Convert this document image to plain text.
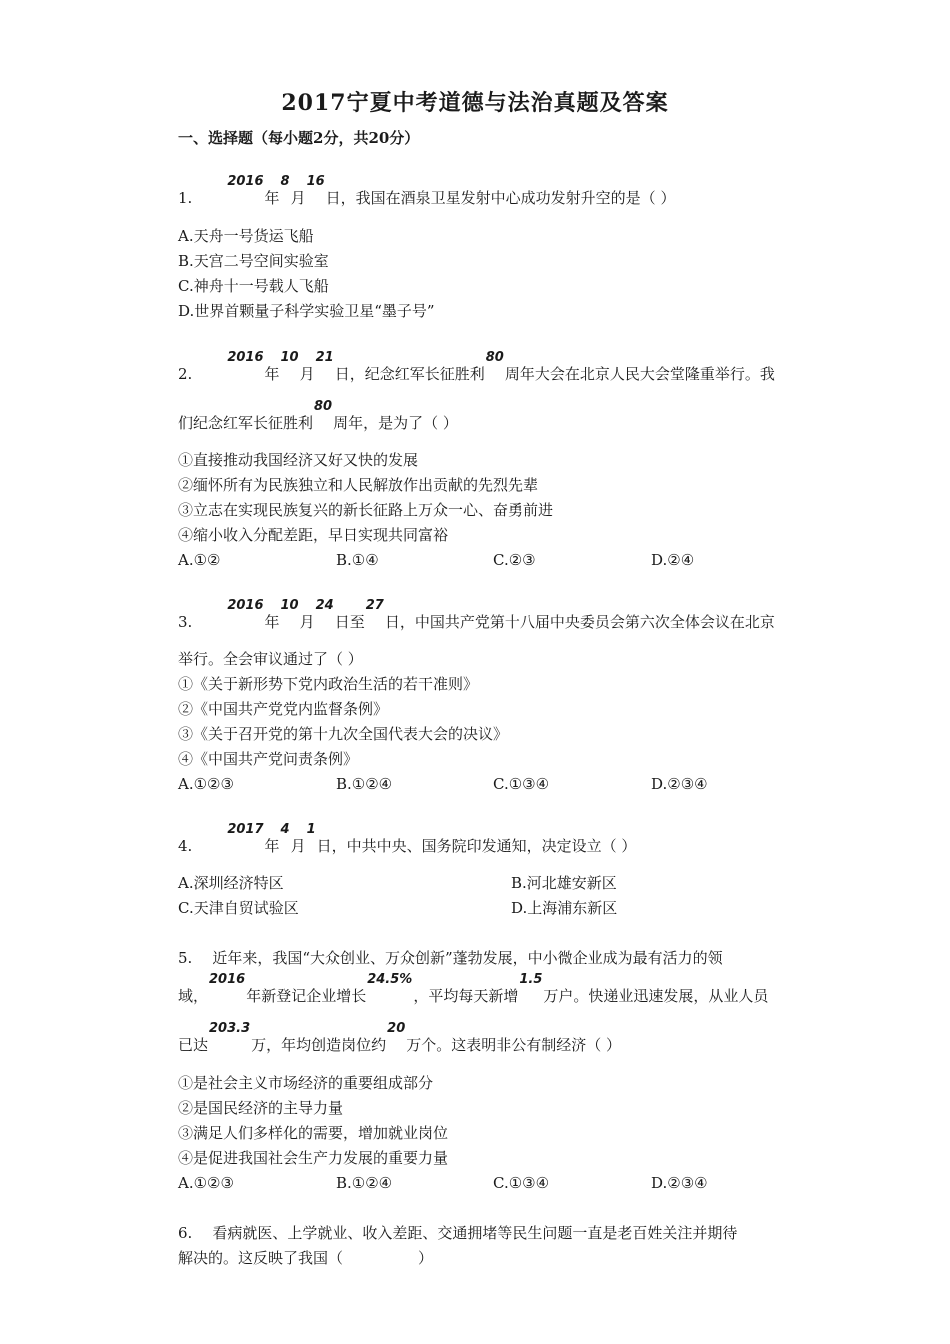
2017宁夏中考道德与法治真题及答案
一、选择题（每小题2分，共20分）
1.2016年8月16日，我国在酒泉卫星发射中心成功发射升空的是（ ）
A.天舟一号货运飞船
B.天宫二号空间实验室
C.神舟十一号载人飞船
D.世界首颗量子科学实验卫星“墨子号”
2.2016年10月21日，纪念红军长征胜利80周年大会在北京人民大会堂隆重举行。我
们纪念红军长征胜利80周年，是为了（ ）
①直接推动我国经济又好又快的发展
②缅怀所有为民族独立和人民解放作出贡献的先烈先辈
③立志在实现民族复兴的新长征路上万众一心、奋勇前进
④缩小收入分配差距，早日实现共同富裕
A.①②	B.①④	C.②③	D.②④
3.2016年10月24日至27日，中国共产党第十八届中央委员会第六次全体会议在北京
举行。全会审议通过了（ ）
①《关于新形势下党内政治生活的若干准则》
②《中国共产党党内监督条例》
③《关于召开党的第十九次全国代表大会的决议》
④《中国共产党问责条例》
A.①②③	B.①②④	C.①③④	D.②③④
4.2017年4月1日，中共中央、国务院印发通知，决定设立（ ）
A.深圳经济特区	B.河北雄安新区
C.天津自贸试验区	D.上海浦东新区
5. 近年来，我国“大众创业、万众创新”蓬勃发展，中小微企业成为最有活力的领
域，2016年新登记企业增长24.5%，平均每天新增1.5万户。快递业迅速发展，从业人员
已达203.3万，年均创造岗位约20万个。这表明非公有制经济（ ）
①是社会主义市场经济的重要组成部分
②是国民经济的主导力量
③满足人们多样化的需要，增加就业岗位
④是促进我国社会生产力发展的重要力量
A.①②③	B.①②④	C.①③④	D.②③④
6. 看病就医、上学就业、收入差距、交通拥堵等民生问题一直是老百姓关注并期待
解决的。这反映了我国（　　　　　）
